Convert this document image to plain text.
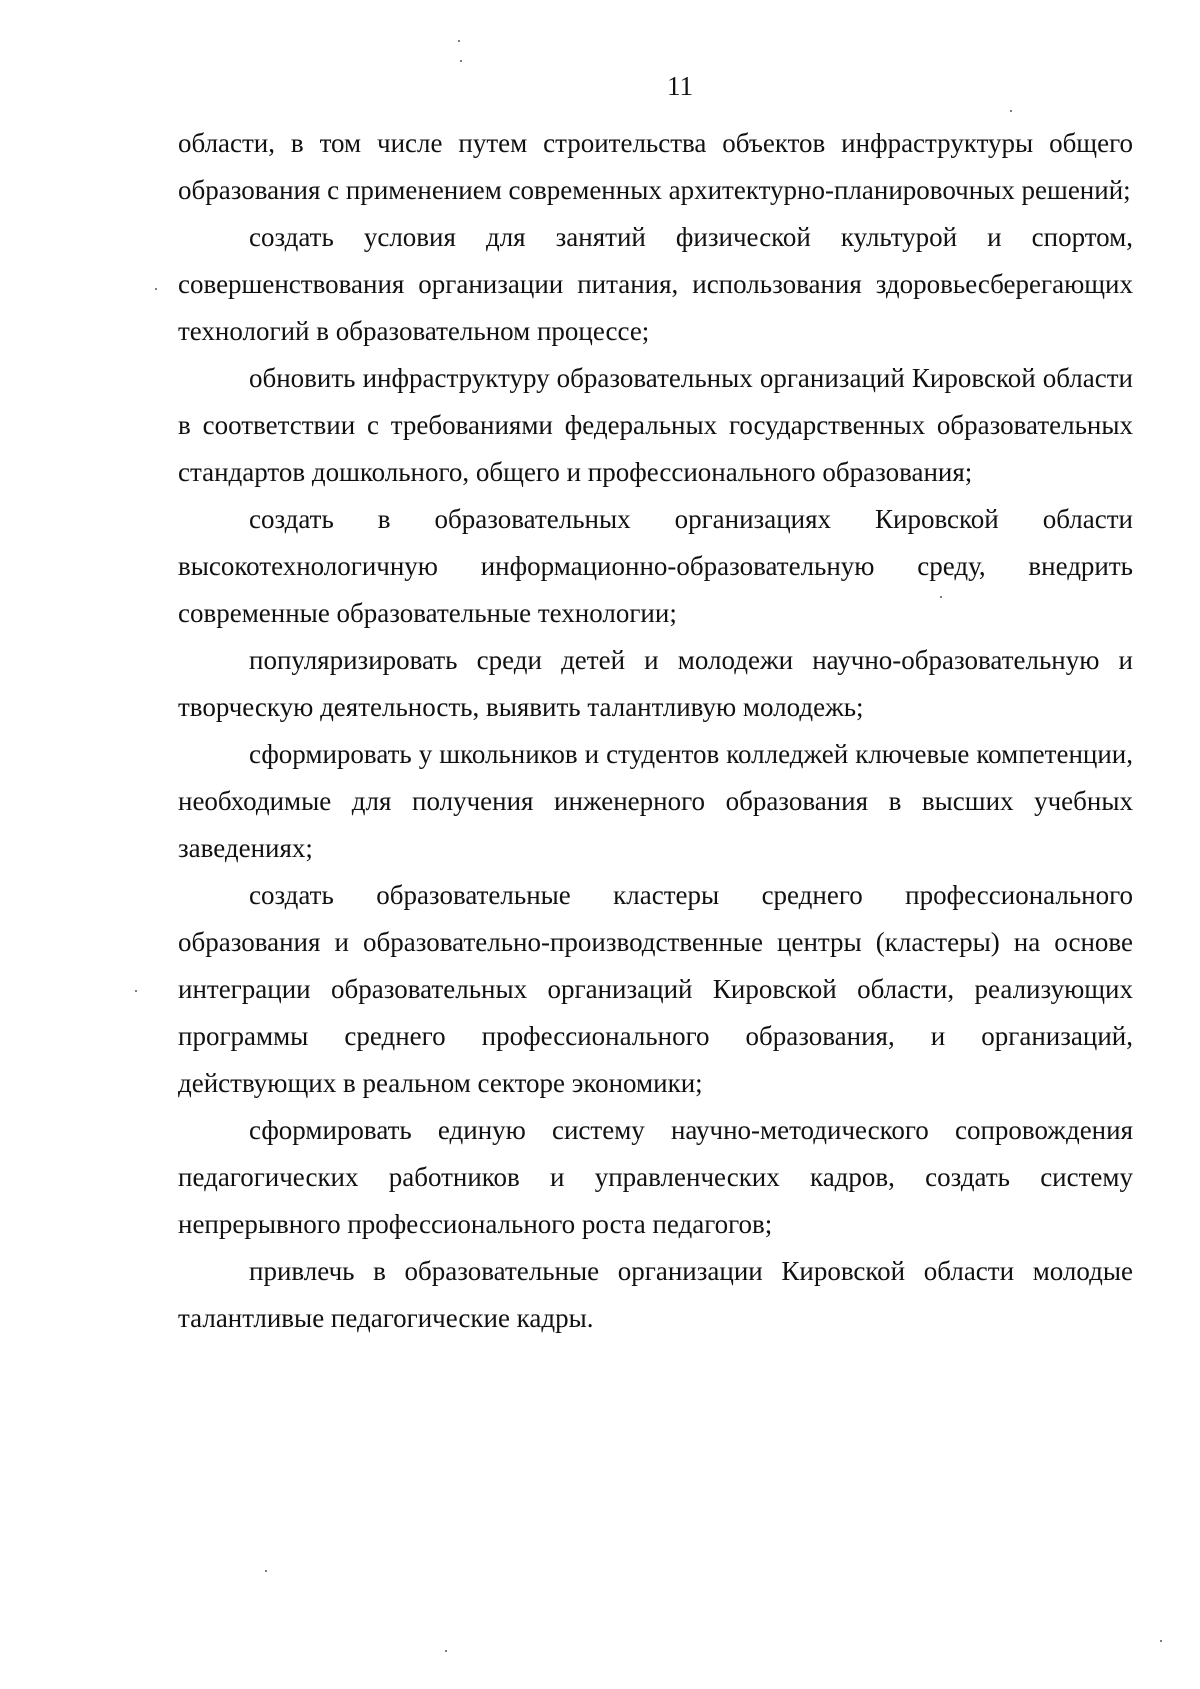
11

области, в том числе путем строительства объектов инфраструктуры общего образования с применением современных архитектурно-планировочных решений;

создать условия для занятий физической культурой и спортом, совершенствования организации питания, использования здоровьесберегающих технологий в образовательном процессе;

обновить инфраструктуру образовательных организаций Кировской области в соответствии с требованиями федеральных государственных образовательных стандартов дошкольного, общего и профессионального образования;

создать в образовательных организациях Кировской области высокотехнологичную информационно-образовательную среду, внедрить современные образовательные технологии;

популяризировать среди детей и молодежи научно-образовательную и творческую деятельность, выявить талантливую молодежь;

сформировать у школьников и студентов колледжей ключевые компетенции, необходимые для получения инженерного образования в высших учебных заведениях;

создать образовательные кластеры среднего профессионального образования и образовательно-производственные центры (кластеры) на основе интеграции образовательных организаций Кировской области, реализующих программы среднего профессионального образования, и организаций, действующих в реальном секторе экономики;

сформировать единую систему научно-методического сопровождения педагогических работников и управленческих кадров, создать систему непрерывного профессионального роста педагогов;

привлечь в образовательные организации Кировской области молодые талантливые педагогические кадры.
